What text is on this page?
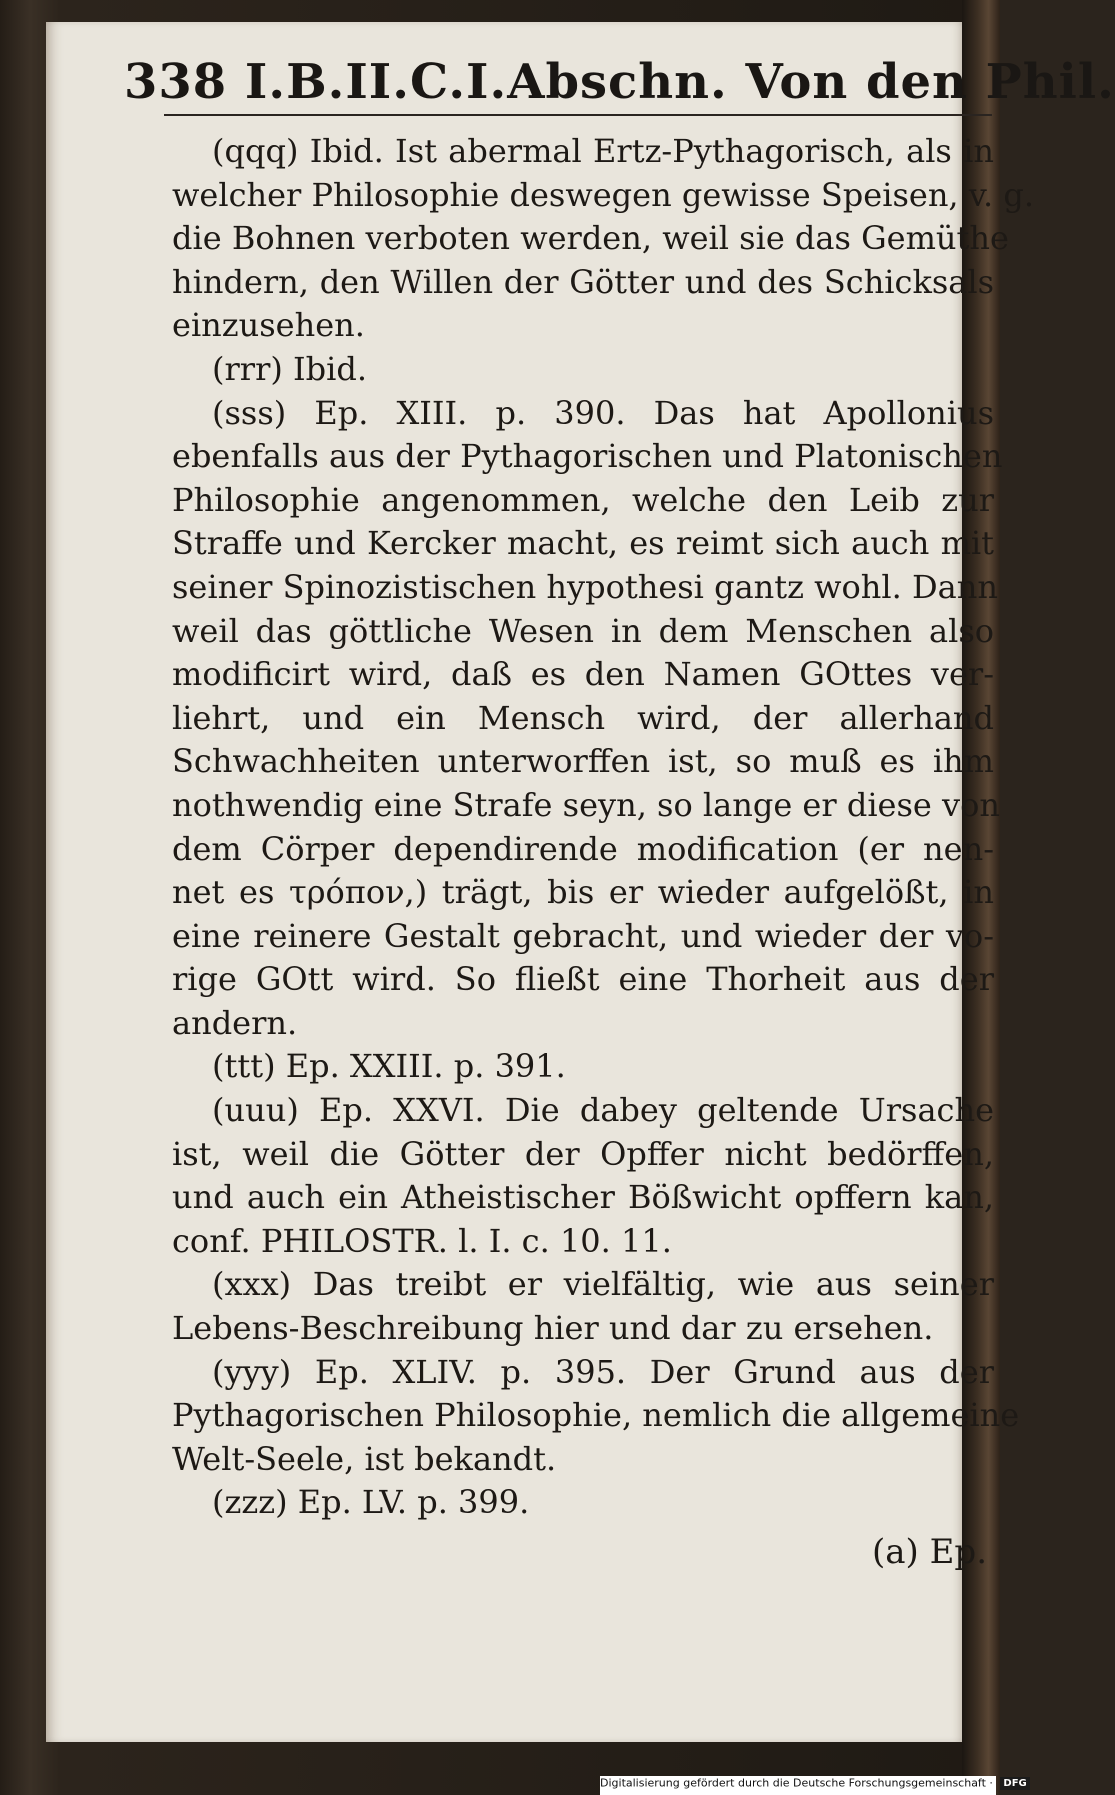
338 I.B.II.C.I.Abschn. Von den Phil.
(qqq) Ibid. Ist abermal Ertz-Pythagorisch, als in
welcher Philosophie deswegen gewisse Speisen, v. g.
die Bohnen verboten werden, weil sie das Gemüthe
hindern, den Willen der Götter und des Schicksals
einzusehen.
(rrr) Ibid.
(sss) Ep. XIII. p. 390. Das hat Apollonius
ebenfalls aus der Pythagorischen und Platonischen
Philosophie angenommen, welche den Leib zur
Straffe und Kercker macht, es reimt sich auch mit
seiner Spinozistischen hypothesi gantz wohl. Dann
weil das göttliche Wesen in dem Menschen also
modificirt wird, daß es den Namen GOttes ver-
liehrt, und ein Mensch wird, der allerhand
Schwachheiten unterworffen ist, so muß es ihm
nothwendig eine Strafe seyn, so lange er diese von
dem Cörper dependirende modification (er nen-
net es τρόπον,) trägt, bis er wieder aufgelößt, in
eine reinere Gestalt gebracht, und wieder der vo-
rige GOtt wird. So fließt eine Thorheit aus der
andern.
(ttt) Ep. XXIII. p. 391.
(uuu) Ep. XXVI. Die dabey geltende Ursache
ist, weil die Götter der Opffer nicht bedörffen,
und auch ein Atheistischer Bößwicht opffern kan,
conf. PHILOSTR. l. I. c. 10. 11.
(xxx) Das treibt er vielfältig, wie aus seiner
Lebens-Beschreibung hier und dar zu ersehen.
(yyy) Ep. XLIV. p. 395. Der Grund aus der
Pythagorischen Philosophie, nemlich die allgemeine
Welt-Seele, ist bekandt.
(zzz) Ep. LV. p. 399.
(a) Ep.
Digitalisierung gefördert durch die Deutsche Forschungsgemeinschaft · DFG
